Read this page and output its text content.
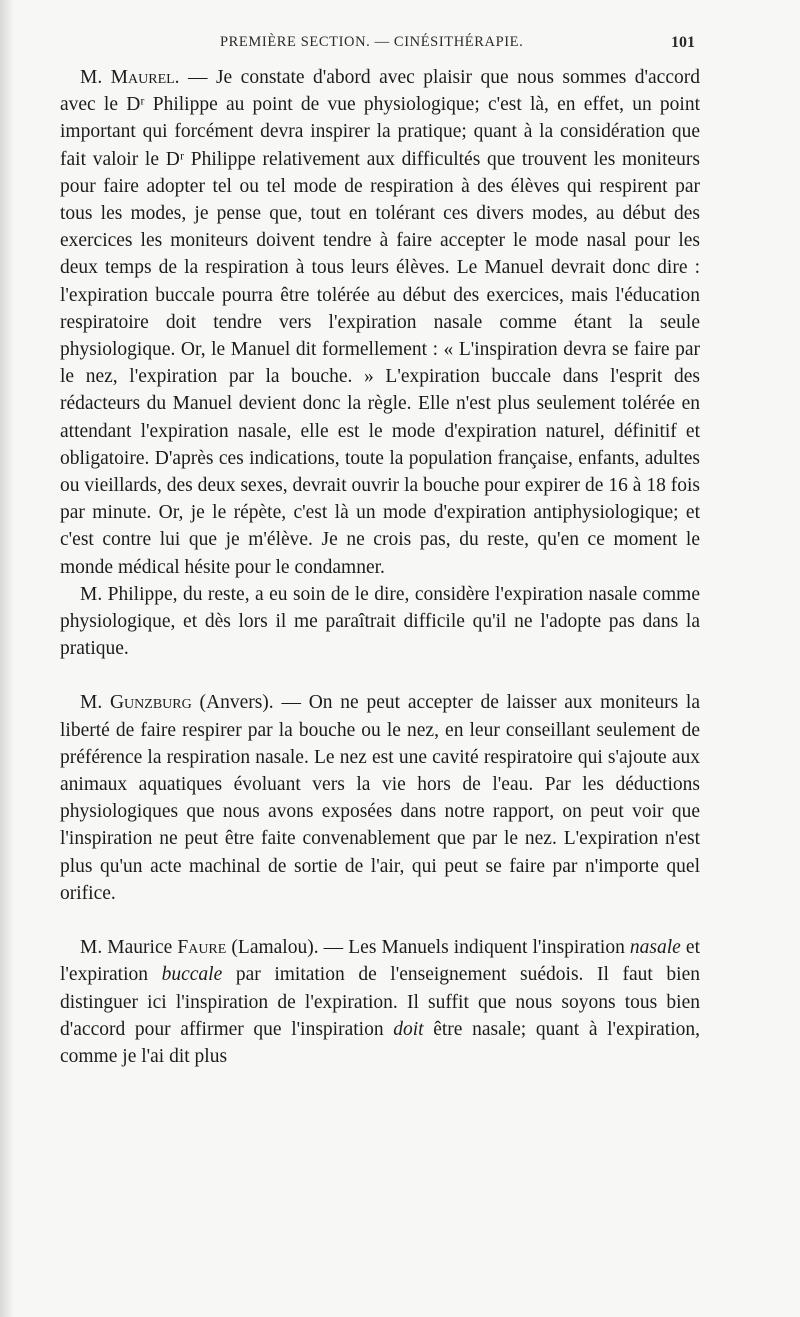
PREMIÈRE SECTION. — CINÉSITHÉRAPIE.	101

M. Maurel. — Je constate d'abord avec plaisir que nous sommes d'accord avec le Dʳ Philippe au point de vue physiologique; c'est là, en effet, un point important qui forcément devra inspirer la pratique; quant à la considération que fait valoir le Dʳ Philippe relativement aux difficultés que trouvent les moniteurs pour faire adopter tel ou tel mode de respiration à des élèves qui respirent par tous les modes, je pense que, tout en tolérant ces divers modes, au début des exercices les moniteurs doivent tendre à faire accepter le mode nasal pour les deux temps de la respiration à tous leurs élèves. Le Manuel devrait donc dire : l'expiration buccale pourra être tolérée au début des exercices, mais l'éducation respiratoire doit tendre vers l'expiration nasale comme étant la seule physiologique. Or, le Manuel dit formellement : « L'inspiration devra se faire par le nez, l'expiration par la bouche. » L'expiration buccale dans l'esprit des rédacteurs du Manuel devient donc la règle. Elle n'est plus seulement tolérée en attendant l'expiration nasale, elle est le mode d'expiration naturel, définitif et obligatoire. D'après ces indications, toute la population française, enfants, adultes ou vieillards, des deux sexes, devrait ouvrir la bouche pour expirer de 16 à 18 fois par minute. Or, je le répète, c'est là un mode d'expiration antiphysiologique; et c'est contre lui que je m'élève. Je ne crois pas, du reste, qu'en ce moment le monde médical hésite pour le condamner.

M. Philippe, du reste, a eu soin de le dire, considère l'expiration nasale comme physiologique, et dès lors il me paraîtrait difficile qu'il ne l'adopte pas dans la pratique.

M. Gunzburg (Anvers). — On ne peut accepter de laisser aux moniteurs la liberté de faire respirer par la bouche ou le nez, en leur conseillant seulement de préférence la respiration nasale. Le nez est une cavité respiratoire qui s'ajoute aux animaux aquatiques évoluant vers la vie hors de l'eau. Par les déductions physiologiques que nous avons exposées dans notre rapport, on peut voir que l'inspiration ne peut être faite convenablement que par le nez. L'expiration n'est plus qu'un acte machinal de sortie de l'air, qui peut se faire par n'importe quel orifice.

M. Maurice Faure (Lamalou). — Les Manuels indiquent l'inspiration nasale et l'expiration buccale par imitation de l'enseignement suédois. Il faut bien distinguer ici l'inspiration de l'expiration. Il suffit que nous soyons tous bien d'accord pour affirmer que l'inspiration doit être nasale; quant à l'expiration, comme je l'ai dit plus
